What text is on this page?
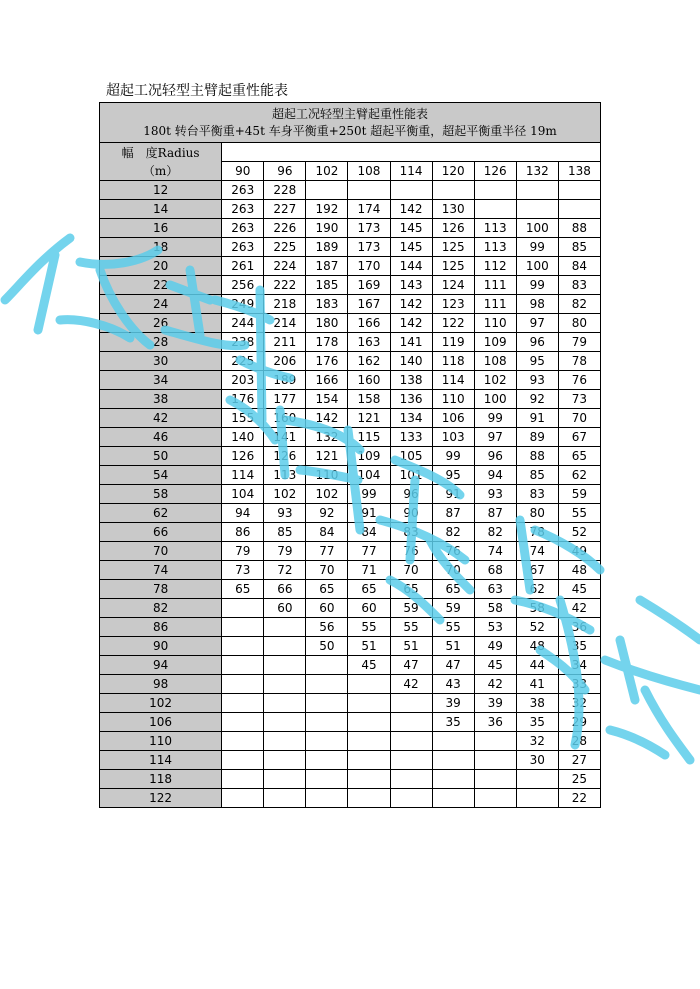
超起工况轻型主臂起重性能表
超起工况轻型主臂起重性能表
180t 转台平衡重+45t 车身平衡重+250t 超起平衡重，超起平衡重半径 19m									

幅　度Radius
（m）									

	90	96	102	108	114	120	126	132	138
12	263	228							
14	263	227	192	174	142	130			
16	263	226	190	173	145	126	113	100	88
18	263	225	189	173	145	125	113	99	85
20	261	224	187	170	144	125	112	100	84
22	256	222	185	169	143	124	111	99	83
24	249	218	183	167	142	123	111	98	82
26	244	214	180	166	142	122	110	97	80
28	238	211	178	163	141	119	109	96	79
30	225	206	176	162	140	118	108	95	78
34	203	189	166	160	138	114	102	93	76
38	176	177	154	158	136	110	100	92	73
42	155	160	142	121	134	106	99	91	70
46	140	141	132	115	133	103	97	89	67
50	126	126	121	109	105	99	96	88	65
54	114	113	110	104	101	95	94	85	62
58	104	102	102	99	96	91	93	83	59
62	94	93	92	91	90	87	87	80	55
66	86	85	84	84	83	82	82	78	52
70	79	79	77	77	76	76	74	74	49
74	73	72	70	71	70	70	68	67	48
78	65	66	65	65	65	65	63	62	45
82		60	60	60	59	59	58	58	42
86			56	55	55	55	53	52	36
90			50	51	51	51	49	48	35
94				45	47	47	45	44	34
98					42	43	42	41	33
102						39	39	38	32
106						35	36	35	29
110								32	28
114								30	27
118									25
122									22
